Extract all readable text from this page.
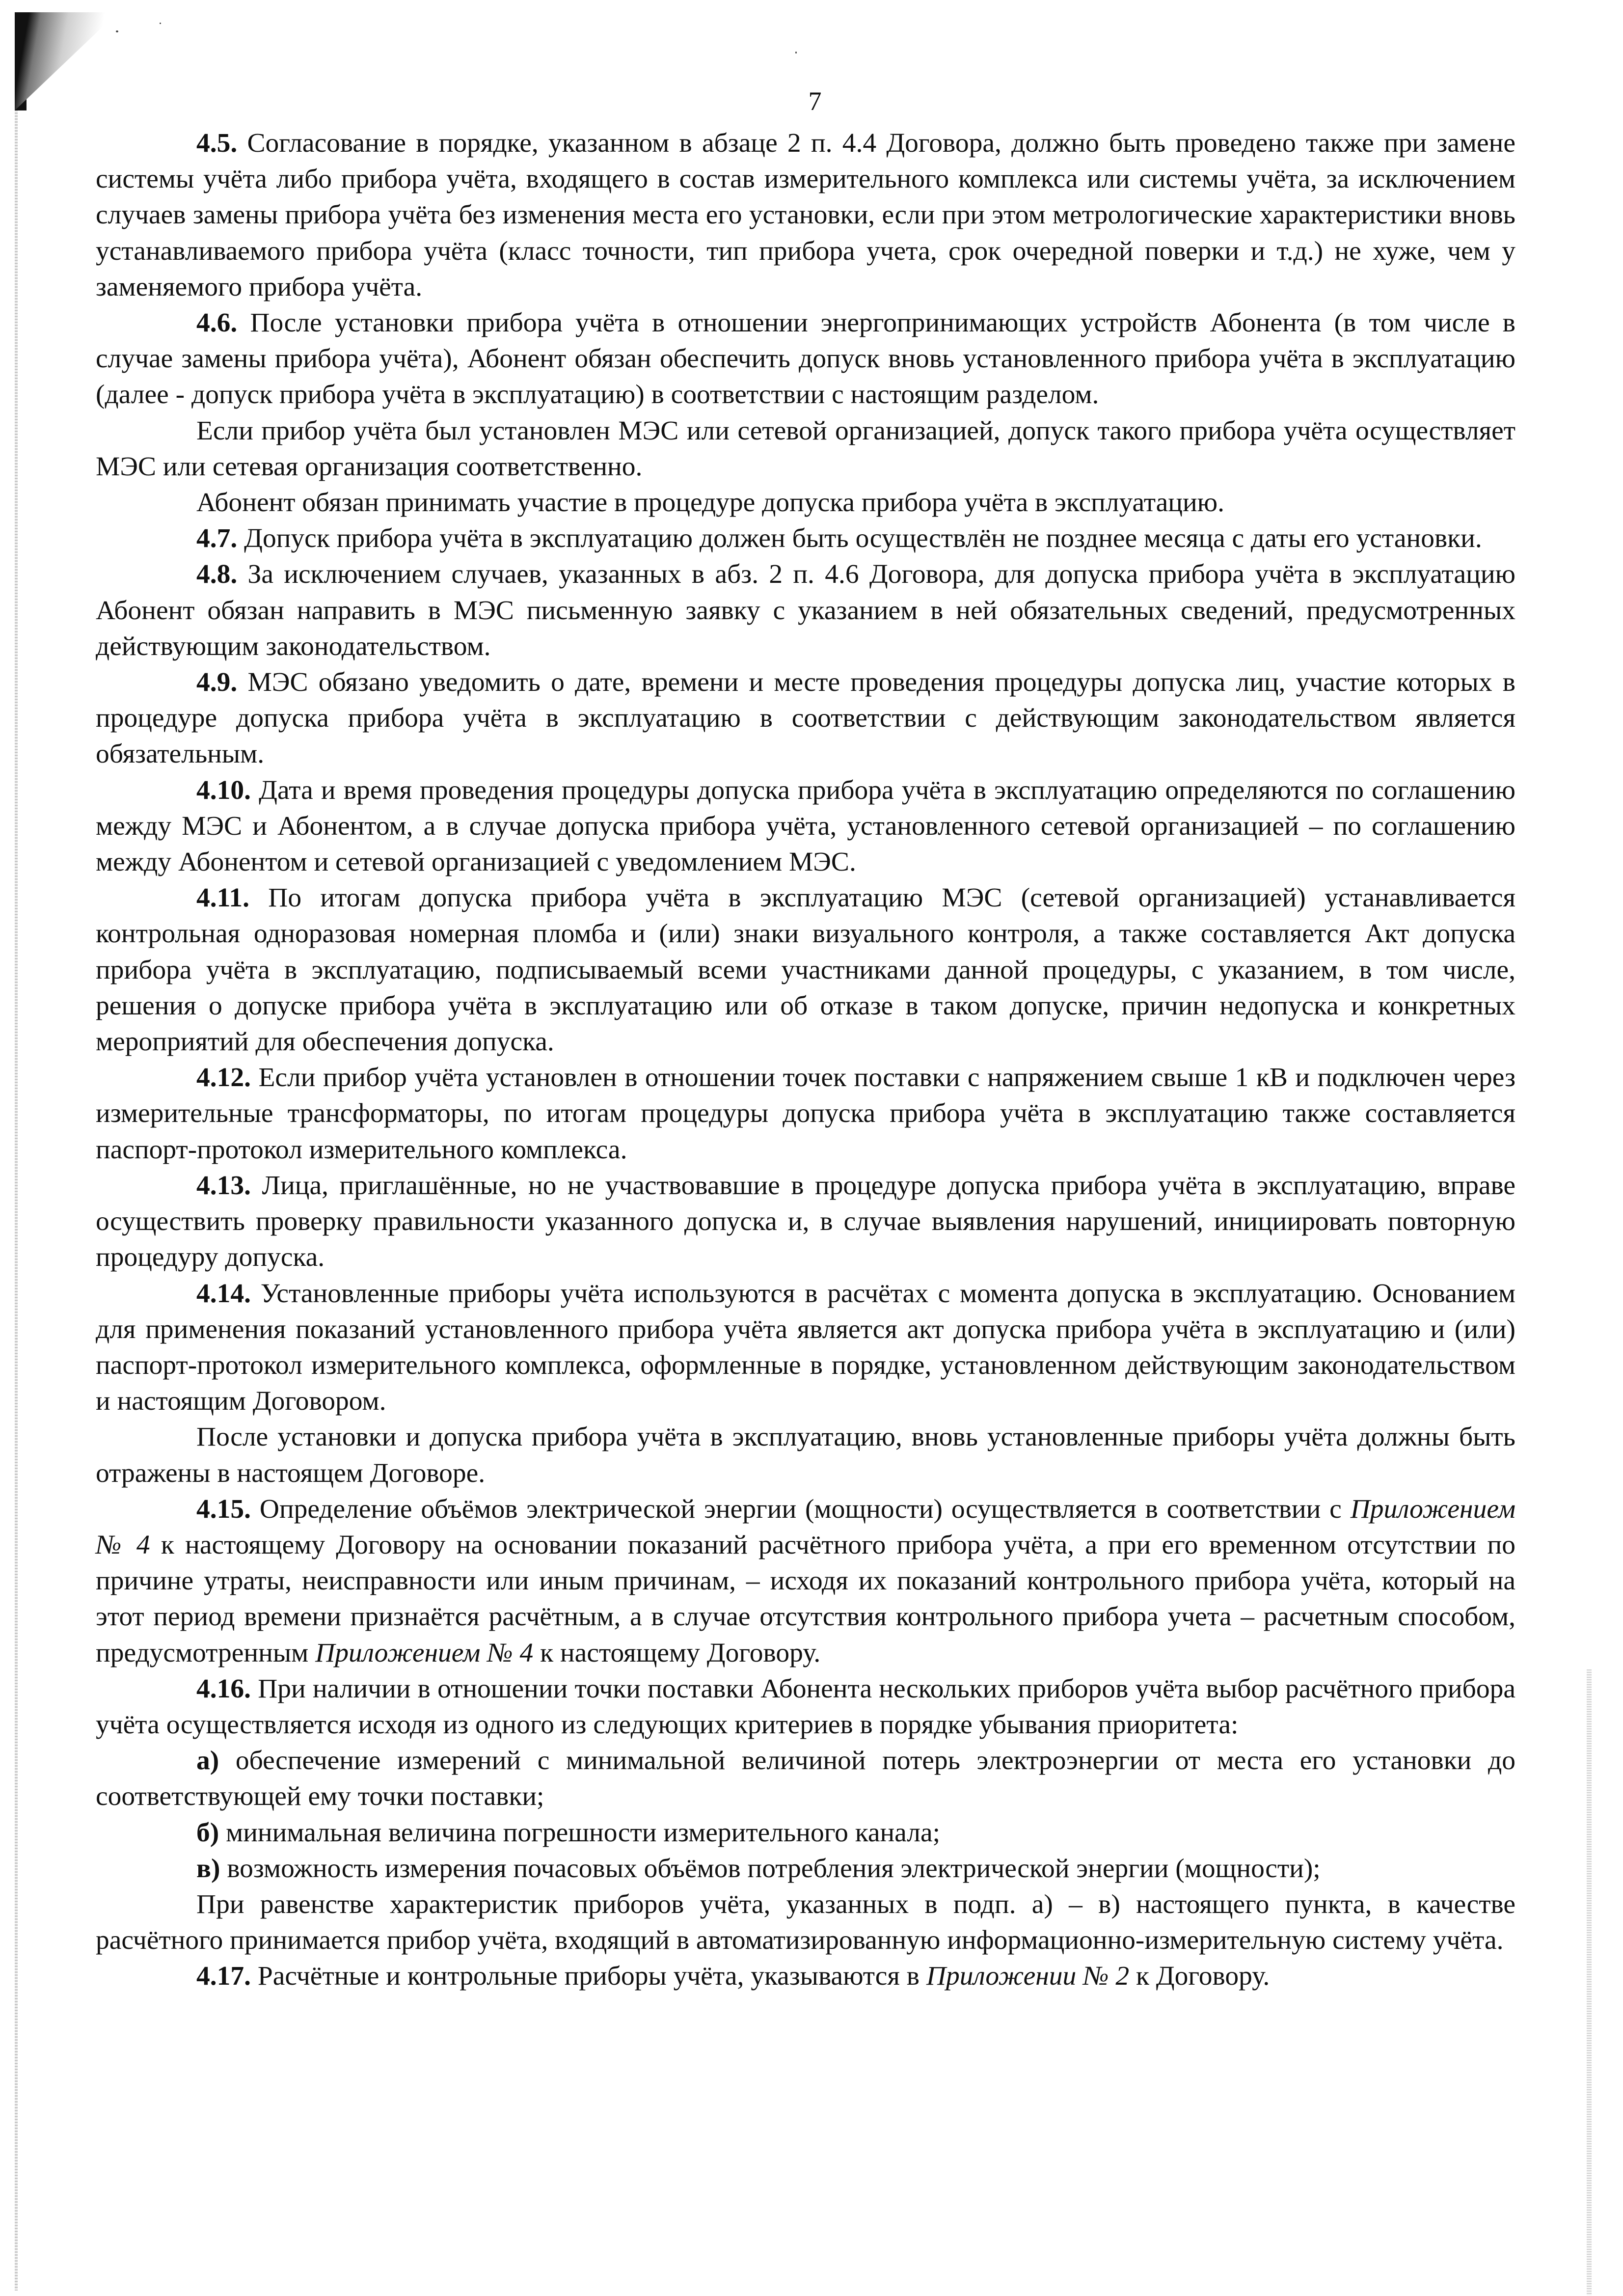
7

4.5. Согласование в порядке, указанном в абзаце 2 п. 4.4 Договора, должно быть проведено также при замене системы учёта либо прибора учёта, входящего в состав измерительного комплекса или системы учёта, за исключением случаев замены прибора учёта без изменения места его установки, если при этом метрологические характеристики вновь устанавливаемого прибора учёта (класс точности, тип прибора учета, срок очередной поверки и т.д.) не хуже, чем у заменяемого прибора учёта.

4.6. После установки прибора учёта в отношении энергопринимающих устройств Абонента (в том числе в случае замены прибора учёта), Абонент обязан обеспечить допуск вновь установленного прибора учёта в эксплуатацию (далее - допуск прибора учёта в эксплуатацию) в соответствии с настоящим разделом.

Если прибор учёта был установлен МЭС или сетевой организацией, допуск такого прибора учёта осуществляет МЭС или сетевая организация соответственно.

Абонент обязан принимать участие в процедуре допуска прибора учёта в эксплуатацию.

4.7. Допуск прибора учёта в эксплуатацию должен быть осуществлён не позднее месяца с даты его установки.

4.8. За исключением случаев, указанных в абз. 2 п. 4.6 Договора, для допуска прибора учёта в эксплуатацию Абонент обязан направить в МЭС письменную заявку с указанием в ней обязательных сведений, предусмотренных действующим законодательством.

4.9. МЭС обязано уведомить о дате, времени и месте проведения процедуры допуска лиц, участие которых в процедуре допуска прибора учёта в эксплуатацию в соответствии с действующим законодательством является обязательным.

4.10. Дата и время проведения процедуры допуска прибора учёта в эксплуатацию определяются по соглашению между МЭС и Абонентом, а в случае допуска прибора учёта, установленного сетевой организацией – по соглашению между Абонентом и сетевой организацией с уведомлением МЭС.

4.11. По итогам допуска прибора учёта в эксплуатацию МЭС (сетевой организацией) устанавливается контрольная одноразовая номерная пломба и (или) знаки визуального контроля, а также составляется Акт допуска прибора учёта в эксплуатацию, подписываемый всеми участниками данной процедуры, с указанием, в том числе, решения о допуске прибора учёта в эксплуатацию или об отказе в таком допуске, причин недопуска и конкретных мероприятий для обеспечения допуска.

4.12. Если прибор учёта установлен в отношении точек поставки с напряжением свыше 1 кВ и подключен через измерительные трансформаторы, по итогам процедуры допуска прибора учёта в эксплуатацию также составляется паспорт-протокол измерительного комплекса.

4.13. Лица, приглашённые, но не участвовавшие в процедуре допуска прибора учёта в эксплуатацию, вправе осуществить проверку правильности указанного допуска и, в случае выявления нарушений, инициировать повторную процедуру допуска.

4.14. Установленные приборы учёта используются в расчётах с момента допуска в эксплуатацию. Основанием для применения показаний установленного прибора учёта является акт допуска прибора учёта в эксплуатацию и (или) паспорт-протокол измерительного комплекса, оформленные в порядке, установленном действующим законодательством и настоящим Договором.

После установки и допуска прибора учёта в эксплуатацию, вновь установленные приборы учёта должны быть отражены в настоящем Договоре.

4.15. Определение объёмов электрической энергии (мощности) осуществляется в соответствии с Приложением № 4 к настоящему Договору на основании показаний расчётного прибора учёта, а при его временном отсутствии по причине утраты, неисправности или иным причинам, – исходя их показаний контрольного прибора учёта, который на этот период времени признаётся расчётным, а в случае отсутствия контрольного прибора учета – расчетным способом, предусмотренным Приложением № 4 к настоящему Договору.

4.16. При наличии в отношении точки поставки Абонента нескольких приборов учёта выбор расчётного прибора учёта осуществляется исходя из одного из следующих критериев в порядке убывания приоритета:

а) обеспечение измерений с минимальной величиной потерь электроэнергии от места его установки до соответствующей ему точки поставки;

б) минимальная величина погрешности измерительного канала;

в) возможность измерения почасовых объёмов потребления электрической энергии (мощности);

При равенстве характеристик приборов учёта, указанных в подп. а) – в) настоящего пункта, в качестве расчётного принимается прибор учёта, входящий в автоматизированную информационно-измерительную систему учёта.

4.17. Расчётные и контрольные приборы учёта, указываются в Приложении № 2 к Договору.
